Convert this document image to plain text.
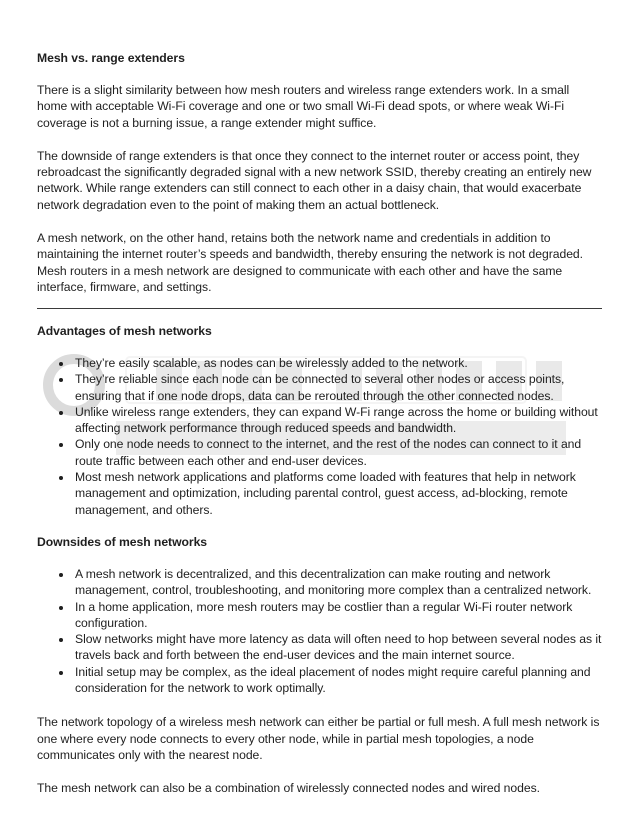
Mesh vs. range extenders

There is a slight similarity between how mesh routers and wireless range extenders work. In a small home with acceptable Wi-Fi coverage and one or two small Wi-Fi dead spots, or where weak Wi-Fi coverage is not a burning issue, a range extender might suffice.

The downside of range extenders is that once they connect to the internet router or access point, they rebroadcast the significantly degraded signal with a new network SSID, thereby creating an entirely new network. While range extenders can still connect to each other in a daisy chain, that would exacerbate network degradation even to the point of making them an actual bottleneck.

A mesh network, on the other hand, retains both the network name and credentials in addition to maintaining the internet router’s speeds and bandwidth, thereby ensuring the network is not degraded. Mesh routers in a mesh network are designed to communicate with each other and have the same interface, firmware, and settings.

Advantages of mesh networks
• They’re easily scalable, as nodes can be wirelessly added to the network.
• They’re reliable since each node can be connected to several other nodes or access points, ensuring that if one node drops, data can be rerouted through the other connected nodes.
• Unlike wireless range extenders, they can expand W-Fi range across the home or building without affecting network performance through reduced speeds and bandwidth.
• Only one node needs to connect to the internet, and the rest of the nodes can connect to it and route traffic between each other and end-user devices.
• Most mesh network applications and platforms come loaded with features that help in network management and optimization, including parental control, guest access, ad-blocking, remote management, and others.
Downsides of mesh networks
• A mesh network is decentralized, and this decentralization can make routing and network management, control, troubleshooting, and monitoring more complex than a centralized network.
• In a home application, more mesh routers may be costlier than a regular Wi-Fi router network configuration.
• Slow networks might have more latency as data will often need to hop between several nodes as it travels back and forth between the end-user devices and the main internet source.
• Initial setup may be complex, as the ideal placement of nodes might require careful planning and consideration for the network to work optimally.

The network topology of a wireless mesh network can either be partial or full mesh. A full mesh network is one where every node connects to every other node, while in partial mesh topologies, a node communicates only with the nearest node.

The mesh network can also be a combination of wirelessly connected nodes and wired nodes.
